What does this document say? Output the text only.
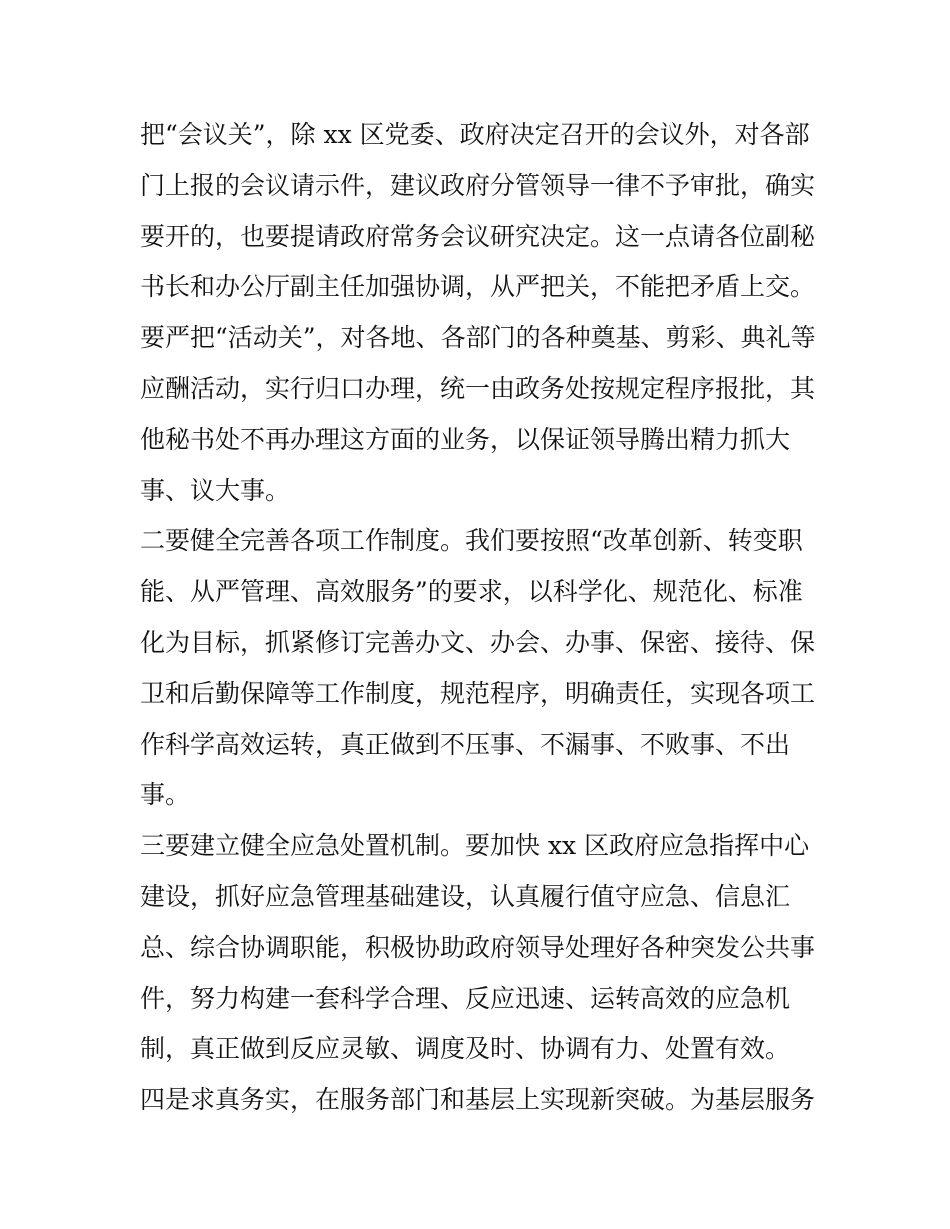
把“会议关”，除 xx 区党委、政府决定召开的会议外，对各部
门上报的会议请示件，建议政府分管领导一律不予审批，确实
要开的，也要提请政府常务会议研究决定。这一点请各位副秘
书长和办公厅副主任加强协调，从严把关，不能把矛盾上交。
要严把“活动关”，对各地、各部门的各种奠基、剪彩、典礼等
应酬活动，实行归口办理，统一由政务处按规定程序报批，其
他秘书处不再办理这方面的业务，以保证领导腾出精力抓大
事、议大事。
二要健全完善各项工作制度。我们要按照“改革创新、转变职
能、从严管理、高效服务”的要求，以科学化、规范化、标准
化为目标，抓紧修订完善办文、办会、办事、保密、接待、保
卫和后勤保障等工作制度，规范程序，明确责任，实现各项工
作科学高效运转，真正做到不压事、不漏事、不败事、不出
事。
三要建立健全应急处置机制。要加快 xx 区政府应急指挥中心
建设，抓好应急管理基础建设，认真履行值守应急、信息汇
总、综合协调职能，积极协助政府领导处理好各种突发公共事
件，努力构建一套科学合理、反应迅速、运转高效的应急机
制，真正做到反应灵敏、调度及时、协调有力、处置有效。
四是求真务实，在服务部门和基层上实现新突破。为基层服务
